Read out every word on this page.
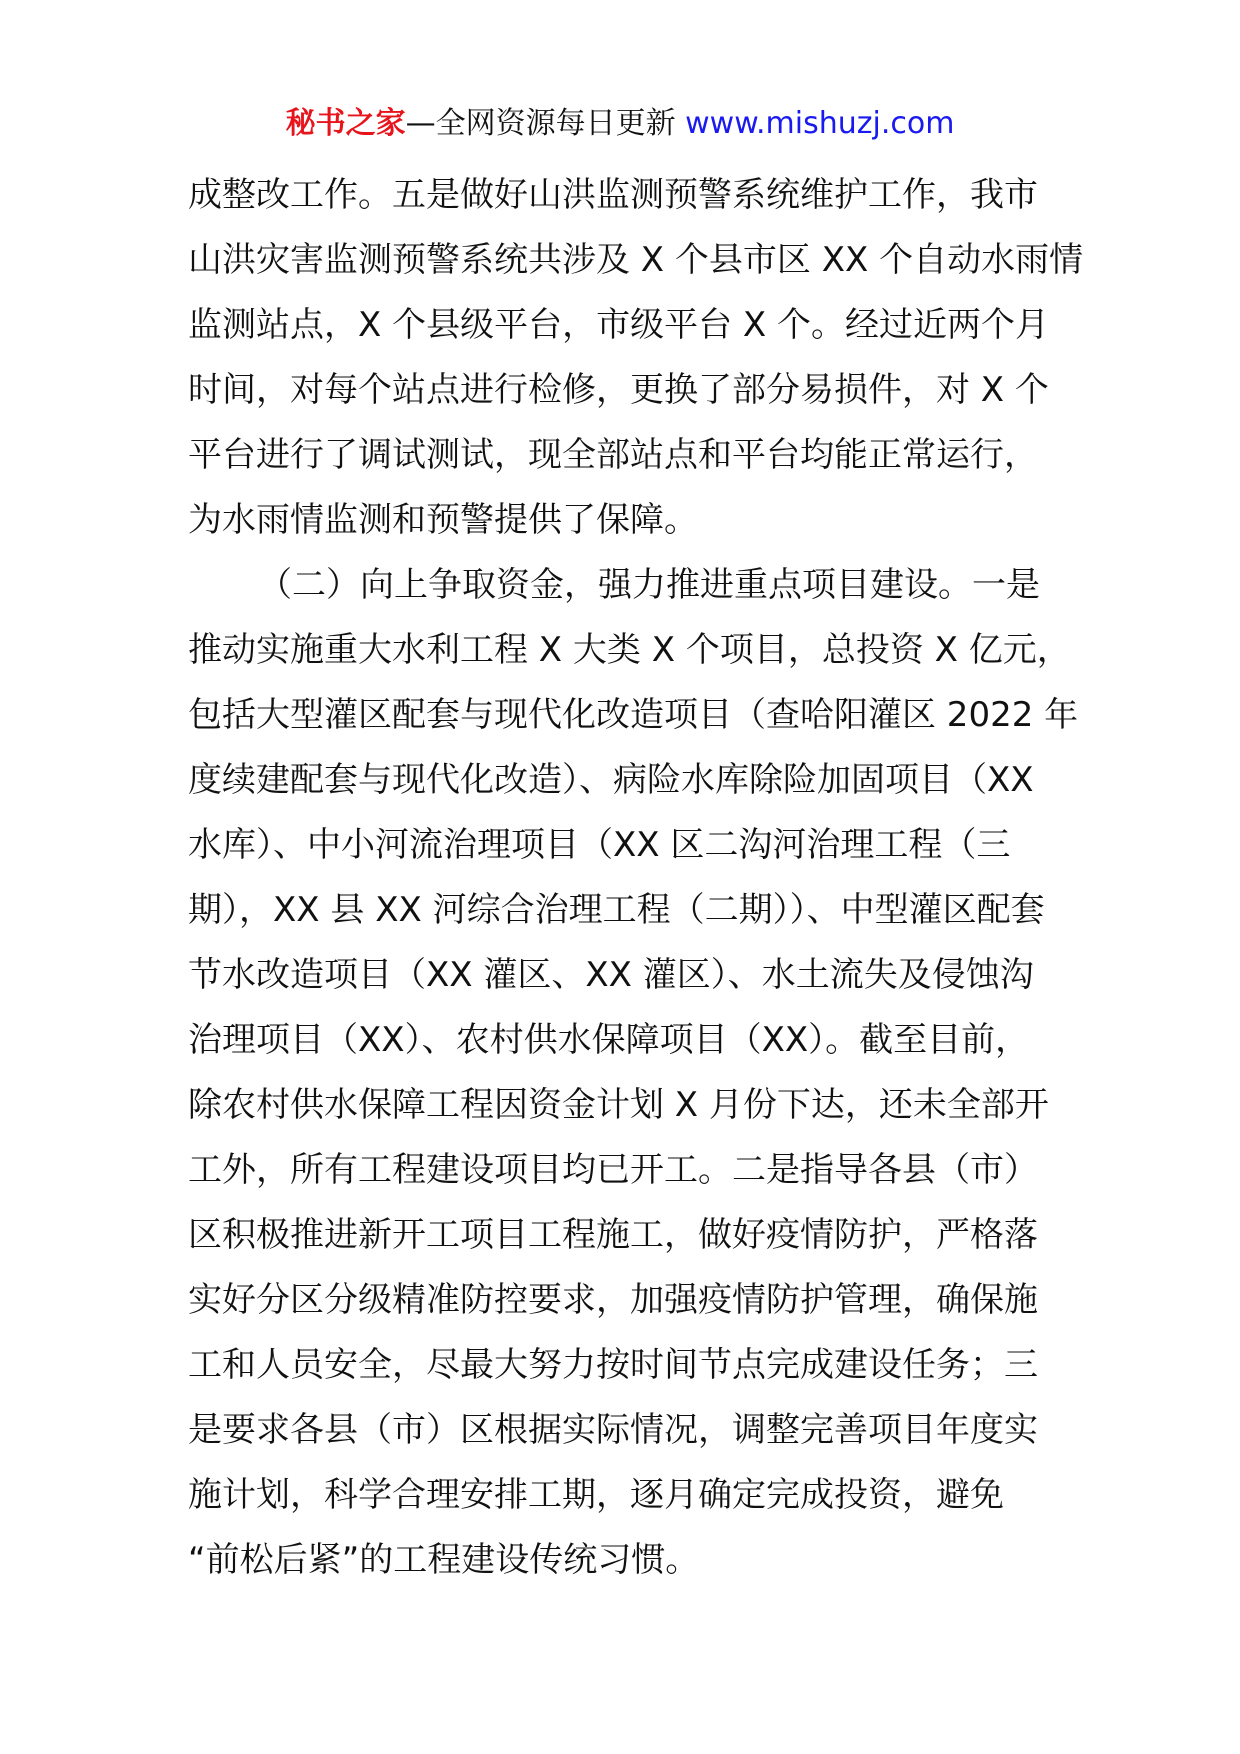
秘书之家—全网资源每日更新 www.mishuzj.com
成整改工作。五是做好山洪监测预警系统维护工作，我市
山洪灾害监测预警系统共涉及 X 个县市区 XX 个自动水雨情
监测站点，X 个县级平台，市级平台 X 个。经过近两个月
时间，对每个站点进行检修，更换了部分易损件，对 X 个
平台进行了调试测试，现全部站点和平台均能正常运行，
为水雨情监测和预警提供了保障。
（二）向上争取资金，强力推进重点项目建设。一是
推动实施重大水利工程 X 大类 X 个项目，总投资 X 亿元，
包括大型灌区配套与现代化改造项目（查哈阳灌区 2022 年
度续建配套与现代化改造）、病险水库除险加固项目（XX
水库）、中小河流治理项目（XX 区二沟河治理工程（三
期），XX 县 XX 河综合治理工程（二期））、中型灌区配套
节水改造项目（XX 灌区、XX 灌区）、水土流失及侵蚀沟
治理项目（XX）、农村供水保障项目（XX）。截至目前，
除农村供水保障工程因资金计划 X 月份下达，还未全部开
工外，所有工程建设项目均已开工。二是指导各县（市）
区积极推进新开工项目工程施工，做好疫情防护，严格落
实好分区分级精准防控要求，加强疫情防护管理，确保施
工和人员安全，尽最大努力按时间节点完成建设任务；三
是要求各县（市）区根据实际情况，调整完善项目年度实
施计划，科学合理安排工期，逐月确定完成投资，避免
“前松后紧”的工程建设传统习惯。
